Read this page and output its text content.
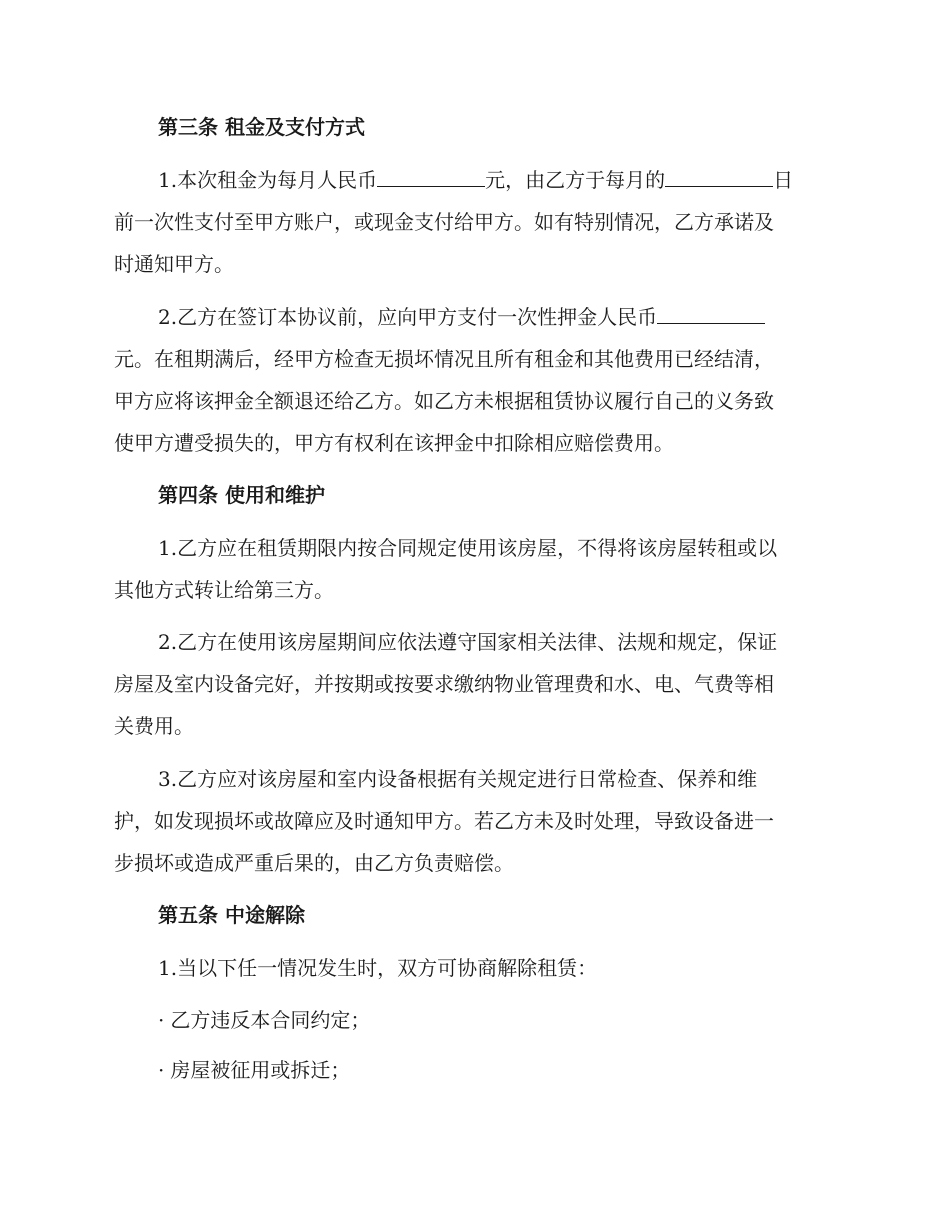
第三条 租金及支付方式
1.本次租金为每月人民币	元，由乙方于每月的	日
前一次性支付至甲方账户，或现金支付给甲方。如有特别情况，乙方承诺及
时通知甲方。
2.乙方在签订本协议前，应向甲方支付一次性押金人民币
元。在租期满后，经甲方检查无损坏情况且所有租金和其他费用已经结清，
甲方应将该押金全额退还给乙方。如乙方未根据租赁协议履行自己的义务致
使甲方遭受损失的，甲方有权利在该押金中扣除相应赔偿费用。
第四条 使用和维护
1.乙方应在租赁期限内按合同规定使用该房屋，不得将该房屋转租或以
其他方式转让给第三方。
2.乙方在使用该房屋期间应依法遵守国家相关法律、法规和规定，保证
房屋及室内设备完好，并按期或按要求缴纳物业管理费和水、电、气费等相
关费用。
3.乙方应对该房屋和室内设备根据有关规定进行日常检查、保养和维
护，如发现损坏或故障应及时通知甲方。若乙方未及时处理，导致设备进一
步损坏或造成严重后果的，由乙方负责赔偿。
第五条 中途解除
1.当以下任一情况发生时，双方可协商解除租赁：
· 乙方违反本合同约定；
· 房屋被征用或拆迁；
